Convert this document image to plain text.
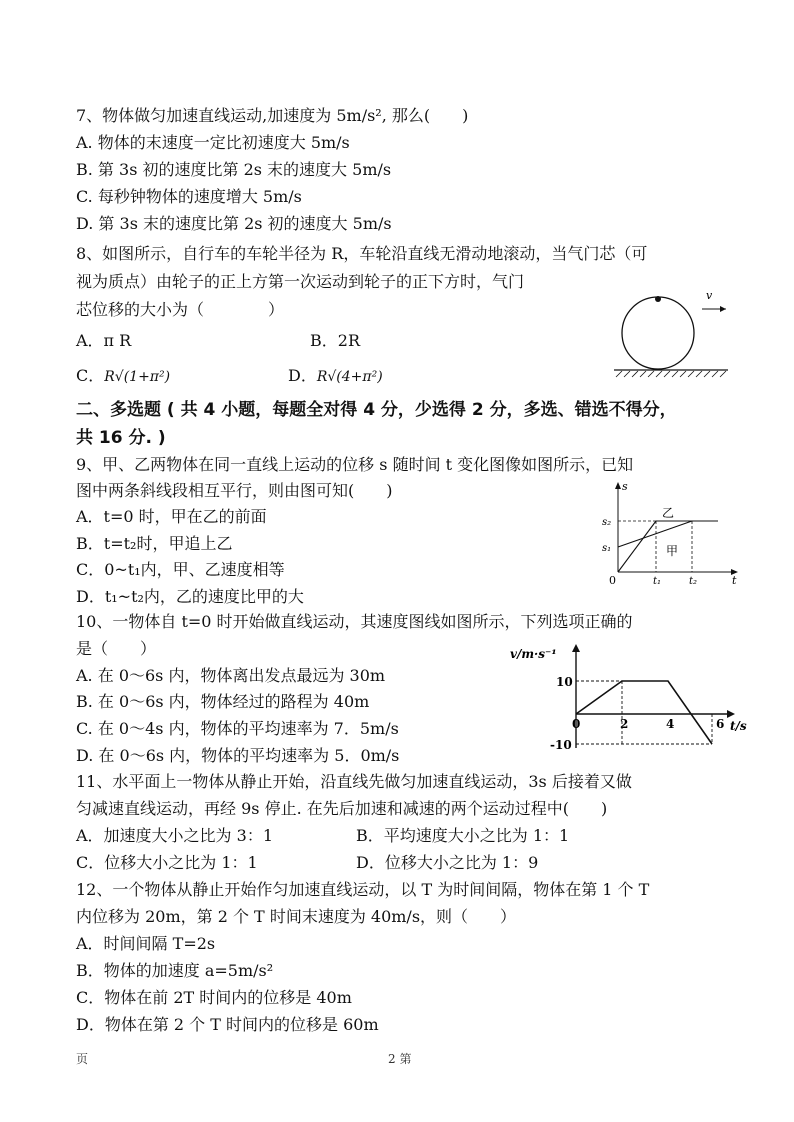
7、物体做匀加速直线运动,加速度为 5m/s², 那么(　　)
A. 物体的末速度一定比初速度大 5m/s
B. 第 3s 初的速度比第 2s 末的速度大 5m/s
C. 每秒钟物体的速度增大 5m/s
D. 第 3s 末的速度比第 2s 初的速度大 5m/s
8、如图所示，自行车的车轮半径为 R，车轮沿直线无滑动地滚动，当气门芯（可
视为质点）由轮子的正上方第一次运动到轮子的正下方时，气门
芯位移的大小为（　　　　）
A．π R	B．2R
C．R√(1+π²)	D．R√(4+π²)
v
二、多选题 ( 共 4 小题，每题全对得 4 分，少选得 2 分，多选、错选不得分，
共 16 分. )
9、甲、乙两物体在同一直线上运动的位移 s 随时间 t 变化图像如图所示，已知
图中两条斜线段相互平行，则由图可知(　　)
A．t=0 时，甲在乙的前面
B．t=t₂时，甲追上乙
C．0~t₁内，甲、乙速度相等
D．t₁~t₂内，乙的速度比甲的大
s
t
0
s₂
s₁
t₁	t₂
乙
甲
10、一物体自 t=0 时开始做直线运动，其速度图线如图所示，下列选项正确的
是（　　）
A. 在 0～6s 内，物体离出发点最远为 30m
B. 在 0～6s 内，物体经过的路程为 40m
C. 在 0～4s 内，物体的平均速率为 7．5m/s
D. 在 0～6s 内，物体的平均速率为 5．0m/s
v/m·s⁻¹
t/s
10
-10
0	2	4	6
11、水平面上一物体从静止开始，沿直线先做匀加速直线运动，3s 后接着又做
匀减速直线运动，再经 9s 停止. 在先后加速和减速的两个运动过程中(　　)
A．加速度大小之比为 3：1	B．平均速度大小之比为 1：1
C．位移大小之比为 1：1	D．位移大小之比为 1：9
12、一个物体从静止开始作匀加速直线运动，以 T 为时间间隔，物体在第 1 个 T
内位移为 20m，第 2 个 T 时间末速度为 40m/s，则（　　）
A．时间间隔 T=2s
B．物体的加速度 a=5m/s²
C．物体在前 2T 时间内的位移是 40m
D．物体在第 2 个 T 时间内的位移是 60m
页	2 第
